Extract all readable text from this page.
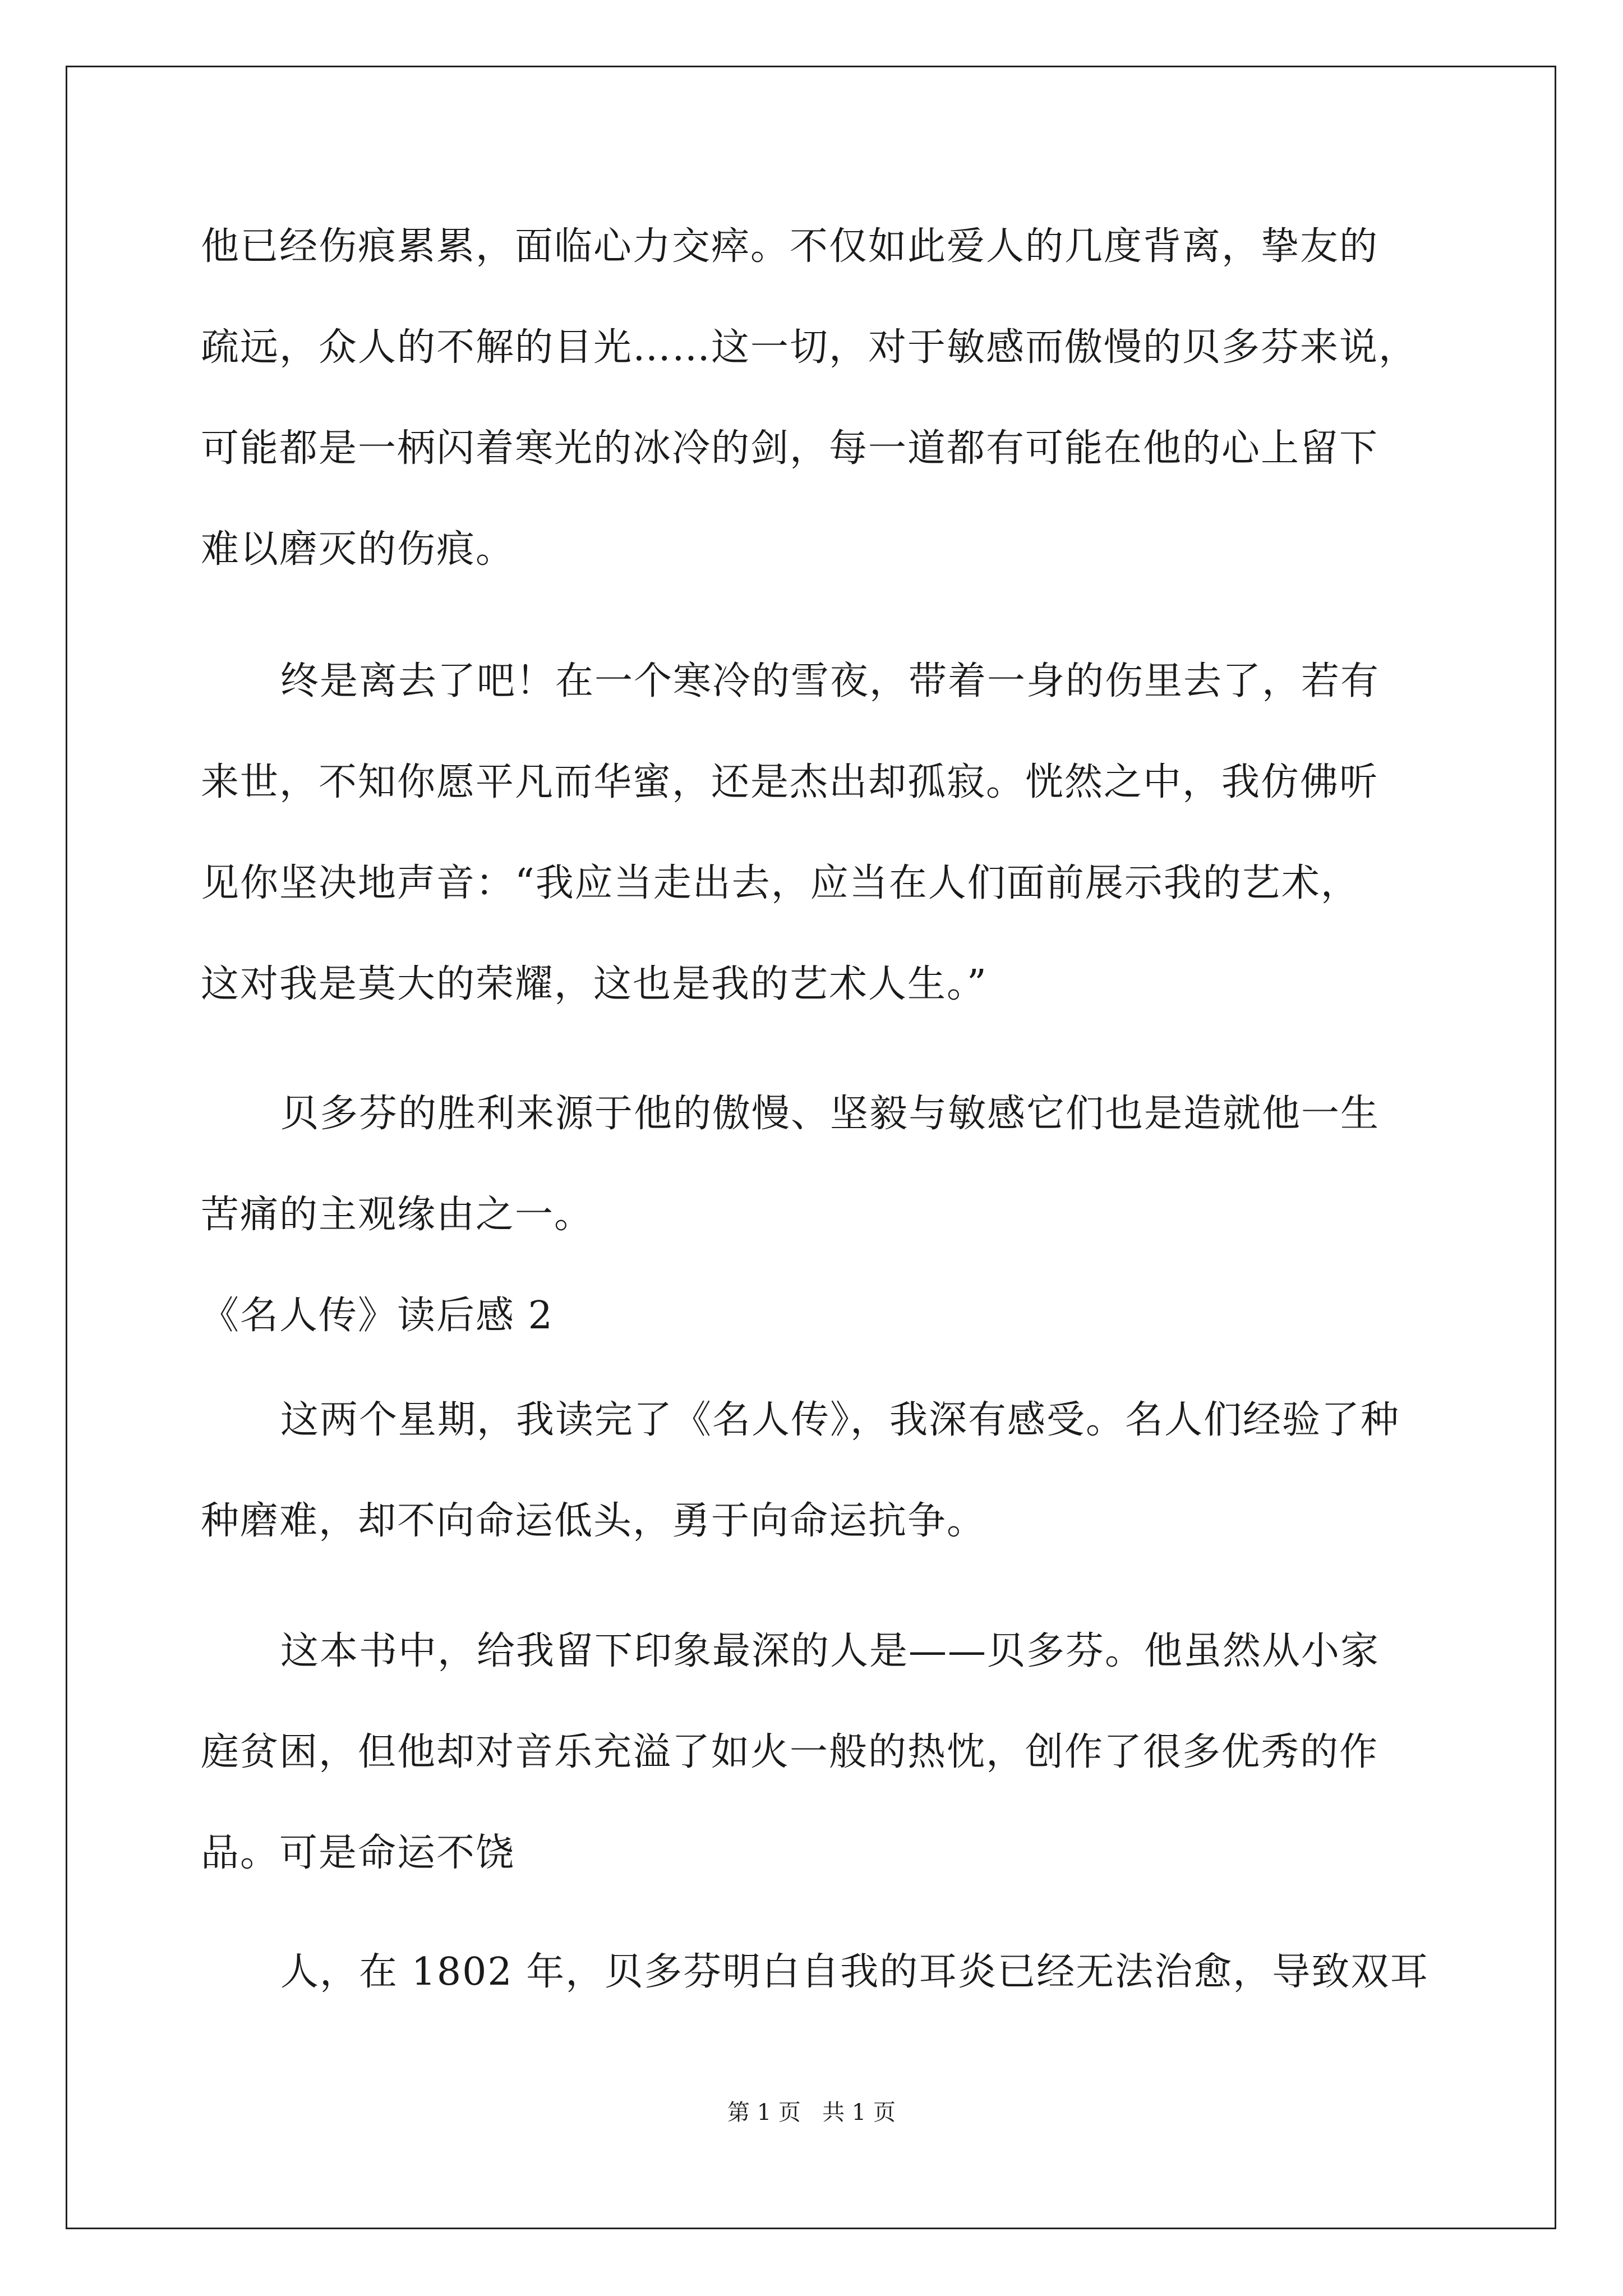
他已经伤痕累累，面临心力交瘁。不仅如此爱人的几度背离，挚友的
疏远，众人的不解的目光……这一切，对于敏感而傲慢的贝多芬来说，
可能都是一柄闪着寒光的冰冷的剑，每一道都有可能在他的心上留下
难以磨灭的伤痕。
终是离去了吧！在一个寒冷的雪夜，带着一身的伤里去了，若有
来世，不知你愿平凡而华蜜，还是杰出却孤寂。恍然之中，我仿佛听
见你坚决地声音：“我应当走出去，应当在人们面前展示我的艺术，
这对我是莫大的荣耀，这也是我的艺术人生。”
贝多芬的胜利来源于他的傲慢、坚毅与敏感它们也是造就他一生
苦痛的主观缘由之一。
《名人传》读后感 2
这两个星期，我读完了《名人传》，我深有感受。名人们经验了种
种磨难，却不向命运低头，勇于向命运抗争。
这本书中，给我留下印象最深的人是——贝多芬。他虽然从小家
庭贫困，但他却对音乐充溢了如火一般的热忱，创作了很多优秀的作
品。可是命运不饶
人，在 1802 年，贝多芬明白自我的耳炎已经无法治愈，导致双耳
第 1 页   共 1 页
